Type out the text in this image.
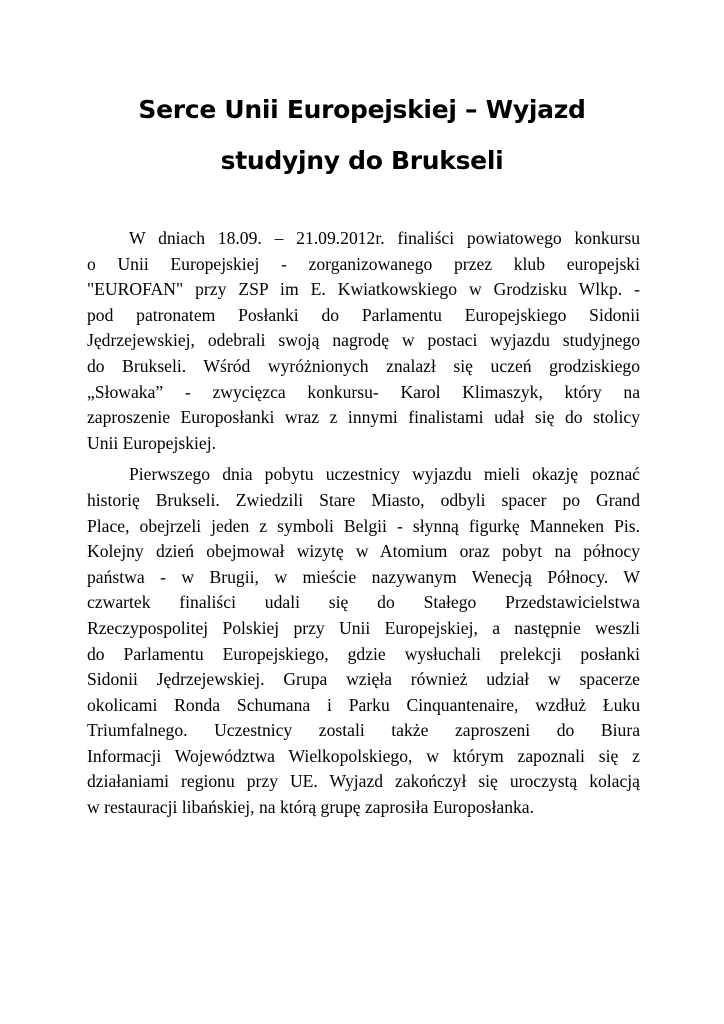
Serce Unii Europejskiej – Wyjazd
studyjny do Brukseli

W dniach 18.09. – 21.09.2012r. finaliści powiatowego konkursu
o Unii Europejskiej - zorganizowanego przez klub europejski
"EUROFAN" przy ZSP im E. Kwiatkowskiego w Grodzisku Wlkp. -
pod patronatem Posłanki do Parlamentu Europejskiego Sidonii
Jędrzejewskiej, odebrali swoją nagrodę w postaci wyjazdu studyjnego
do Brukseli. Wśród wyróżnionych znalazł się uczeń grodziskiego
„Słowaka” - zwycięzca konkursu- Karol Klimaszyk, który na
zaproszenie Europosłanki wraz z innymi finalistami udał się do stolicy
Unii Europejskiej.

Pierwszego dnia pobytu uczestnicy wyjazdu mieli okazję poznać
historię Brukseli. Zwiedzili Stare Miasto, odbyli spacer po Grand
Place, obejrzeli jeden z symboli Belgii - słynną figurkę Manneken Pis.
Kolejny dzień obejmował wizytę w Atomium oraz pobyt na północy
państwa - w Brugii, w mieście nazywanym Wenecją Północy. W
czwartek finaliści udali się do Stałego Przedstawicielstwa
Rzeczypospolitej Polskiej przy Unii Europejskiej, a następnie weszli
do Parlamentu Europejskiego, gdzie wysłuchali prelekcji posłanki
Sidonii Jędrzejewskiej. Grupa wzięła również udział w spacerze
okolicami Ronda Schumana i Parku Cinquantenaire, wzdłuż Łuku
Triumfalnego. Uczestnicy zostali także zaproszeni do Biura
Informacji Województwa Wielkopolskiego, w którym zapoznali się z
działaniami regionu przy UE. Wyjazd zakończył się uroczystą kolacją
w restauracji libańskiej, na którą grupę zaprosiła Europosłanka.
